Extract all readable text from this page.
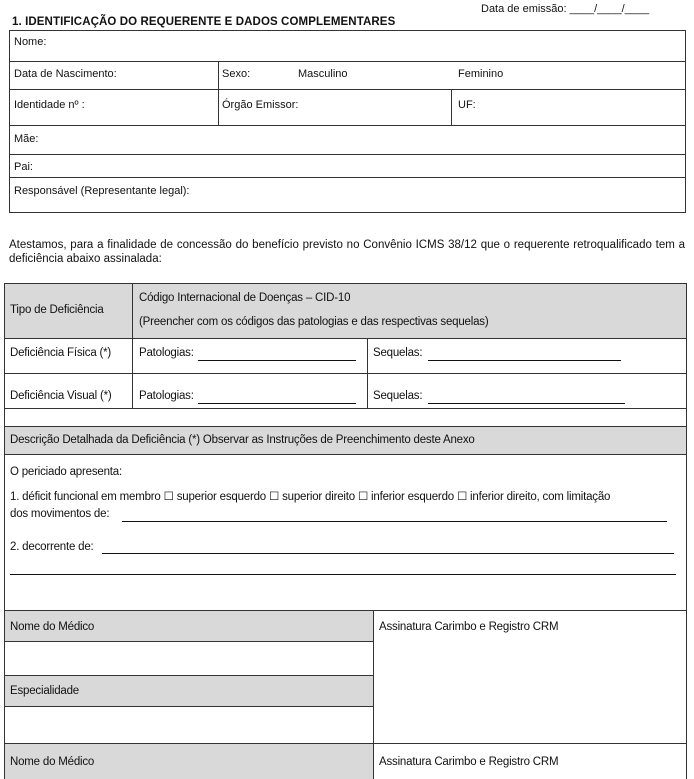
Data de emissão: ____/____/____
1. IDENTIFICAÇÃO DO REQUERENTE E DADOS COMPLEMENTARES
Nome:
Data de Nascimento:	Sexo:	Masculino	Feminino
Identidade nº :	Órgão Emissor:	UF:
Mãe:
Pai:
Responsável (Representante legal):
Atestamos, para a finalidade de concessão do benefício previsto no Convênio ICMS 38/12 que o requerente retroqualificado tem a deficiência abaixo assinalada:
Tipo de Deficiência
Código Internacional de Doenças – CID-10
(Preencher com os códigos das patologias e das respectivas sequelas)
Deficiência Física (*) Patologias:	Sequelas:
Deficiência Visual (*) Patologias:	Sequelas:
Descrição Detalhada da Deficiência (*) Observar as Instruções de Preenchimento deste Anexo
O periciado apresenta:
1. déficit funcional em membro ☐ superior esquerdo ☐ superior direito ☐ inferior esquerdo ☐ inferior direito, com limitação
dos movimentos de:
2. decorrente de:
Nome do Médico	Assinatura Carimbo e Registro CRM
Especialidade
Nome do Médico	Assinatura Carimbo e Registro CRM
